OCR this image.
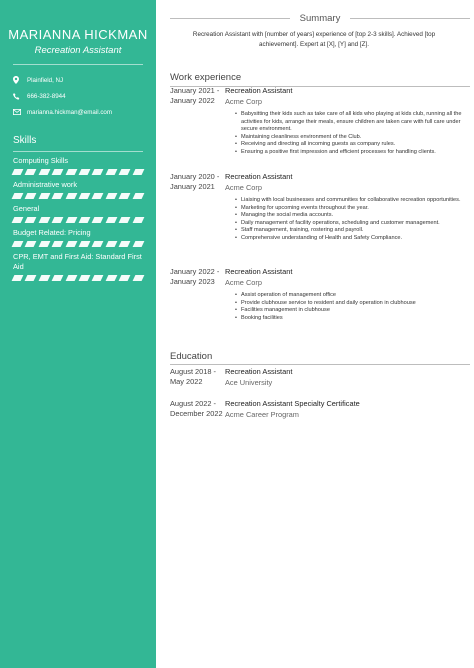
MARIANNA HICKMAN
Recreation Assistant
Plainfield, NJ
666-382-8944
marianna.hickman@email.com
Skills
Computing Skills
Administrative work
General
Budget Related: Pricing
CPR, EMT and First Aid: Standard First Aid
Summary
Recreation Assistant with [number of years] experience of [top 2-3 skills]. Achieved [top achievement]. Expert at [X], [Y] and [Z].
Work experience
January 2021 - January 2022
Recreation Assistant
Acme Corp
• Babysitting their kids such as take care of all kids who playing at kids club, running all the activities for kids, arrange their meals, ensure children are taken care with full care under secure environment.
• Maintaining cleanliness environment of the Club.
• Receiving and directing all incoming guests as company rules.
• Ensuring a positive first impression and efficient processes for handling clients.
January 2020 - January 2021
Recreation Assistant
Acme Corp
• Liaising with local businesses and communities for collaborative recreation opportunities.
• Marketing for upcoming events throughout the year.
• Managing the social media accounts.
• Daily management of facility operations, scheduling and customer management.
• Staff management, training, rostering and payroll.
• Comprehensive understanding of Health and Safety Compliance.
January 2022 - January 2023
Recreation Assistant
Acme Corp
• Assist operation of management office
• Provide clubhouse service to resident and daily operation in clubhouse
• Facilities management in clubhouse
• Booking facilities
Education
August 2018 - May 2022
Recreation Assistant
Ace University
August 2022 - December 2022
Recreation Assistant Specialty Certificate
Acme Career Program
